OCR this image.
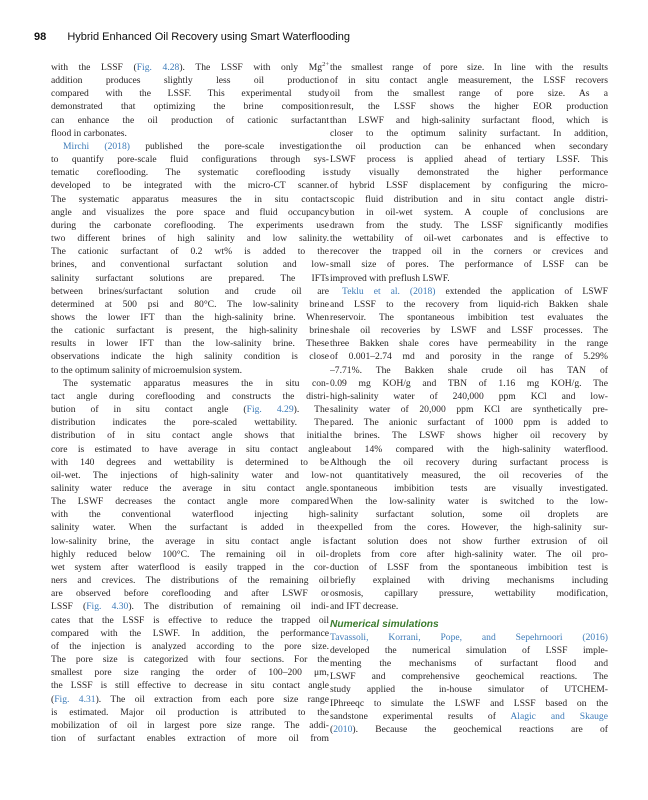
98 Hybrid Enhanced Oil Recovery using Smart Waterflooding
with the LSSF (Fig. 4.28). The LSSF with only $Mg^{2+}$
addition produces slightly less oil production
compared with the LSSF. This experimental study
demonstrated that optimizing the brine composition
can enhance the oil production of cationic surfactant
flood in carbonates.
Mirchi (2018) published the pore-scale investigation
to quantify pore-scale fluid configurations through sys-
tematic coreflooding. The systematic coreflooding is
developed to be integrated with the micro-CT scanner.
The systematic apparatus measures the in situ contact
angle and visualizes the pore space and fluid occupancy
during the carbonate coreflooding. The experiments use
two different brines of high salinity and low salinity.
The cationic surfactant of 0.2 wt% is added to the
brines, and conventional surfactant solution and low-
salinity surfactant solutions are prepared. The IFTs
between brines/surfactant solution and crude oil are
determined at 500 psi and 80°C. The low-salinity brine
shows the lower IFT than the high-salinity brine. When
the cationic surfactant is present, the high-salinity brine
results in lower IFT than the low-salinity brine. These
observations indicate the high salinity condition is close
to the optimum salinity of microemulsion system.
The systematic apparatus measures the in situ con-
tact angle during coreflooding and constructs the distri-
bution of in situ contact angle (Fig. 4.29). The
distribution indicates the pore-scaled wettability. The
distribution of in situ contact angle shows that initial
core is estimated to have average in situ contact angle
with 140 degrees and wettability is determined to be
oil-wet. The injections of high-salinity water and low-
salinity water reduce the average in situ contact angle.
The LSWF decreases the contact angle more compared
with the conventional waterflood injecting high-
salinity water. When the surfactant is added in the
low-salinity brine, the average in situ contact angle is
highly reduced below 100°C. The remaining oil in oil-
wet system after waterflood is easily trapped in the cor-
ners and crevices. The distributions of the remaining oil
are observed before coreflooding and after LSWF or
LSSF (Fig. 4.30). The distribution of remaining oil indi-
cates that the LSSF is effective to reduce the trapped oil
compared with the LSWF. In addition, the performance
of the injection is analyzed according to the pore size.
The pore size is categorized with four sections. For the
smallest pore size ranging the order of 100–200 μm,
the LSSF is still effective to decrease in situ contact angle
(Fig. 4.31). The oil extraction from each pore size range
is estimated. Major oil production is attributed to the
mobilization of oil in largest pore size range. The addi-
tion of surfactant enables extraction of more oil from
the smallest range of pore size. In line with the results
of in situ contact angle measurement, the LSSF recovers
oil from the smallest range of pore size. As a
result, the LSSF shows the higher EOR production
than LSWF and high-salinity surfactant flood, which is
closer to the optimum salinity surfactant. In addition,
the oil production can be enhanced when secondary
LSWF process is applied ahead of tertiary LSSF. This
study visually demonstrated the higher performance
of hybrid LSSF displacement by configuring the micro-
scopic fluid distribution and in situ contact angle distri-
bution in oil-wet system. A couple of conclusions are
drawn from the study. The LSSF significantly modifies
the wettability of oil-wet carbonates and is effective to
recover the trapped oil in the corners or crevices and
small size of pores. The performance of LSSF can be
improved with preflush LSWF.
Teklu et al. (2018) extended the application of LSWF
and LSSF to the recovery from liquid-rich Bakken shale
reservoir. The spontaneous imbibition test evaluates the
shale oil recoveries by LSWF and LSSF processes. The
three Bakken shale cores have permeability in the range
of 0.001–2.74 md and porosity in the range of 5.29%
–7.71%. The Bakken shale crude oil has TAN of
0.09 mg KOH/g and TBN of 1.16 mg KOH/g. The
high-salinity water of 240,000 ppm KCl and low-
salinity water of 20,000 ppm KCl are synthetically pre-
pared. The anionic surfactant of 1000 ppm is added to
the brines. The LSWF shows higher oil recovery by
about 14% compared with the high-salinity waterflood.
Although the oil recovery during surfactant process is
not quantitatively measured, the oil recoveries of the
spontaneous imbibition tests are visually investigated.
When the low-salinity water is switched to the low-
salinity surfactant solution, some oil droplets are
expelled from the cores. However, the high-salinity sur-
factant solution does not show further extrusion of oil
droplets from core after high-salinity water. The oil pro-
duction of LSSF from the spontaneous imbibition test is
briefly explained with driving mechanisms including
osmosis, capillary pressure, wettability modification,
and IFT decrease.
Numerical simulations
Tavassoli, Korrani, Pope, and Sepehrnoori (2016)
developed the numerical simulation of LSSF imple-
menting the mechanisms of surfactant flood and
LSWF and comprehensive geochemical reactions. The
study applied the in-house simulator of UTCHEM-
IPhreeqc to simulate the LSWF and LSSF based on the
sandstone experimental results of Alagic and Skauge
(2010). Because the geochemical reactions are of
